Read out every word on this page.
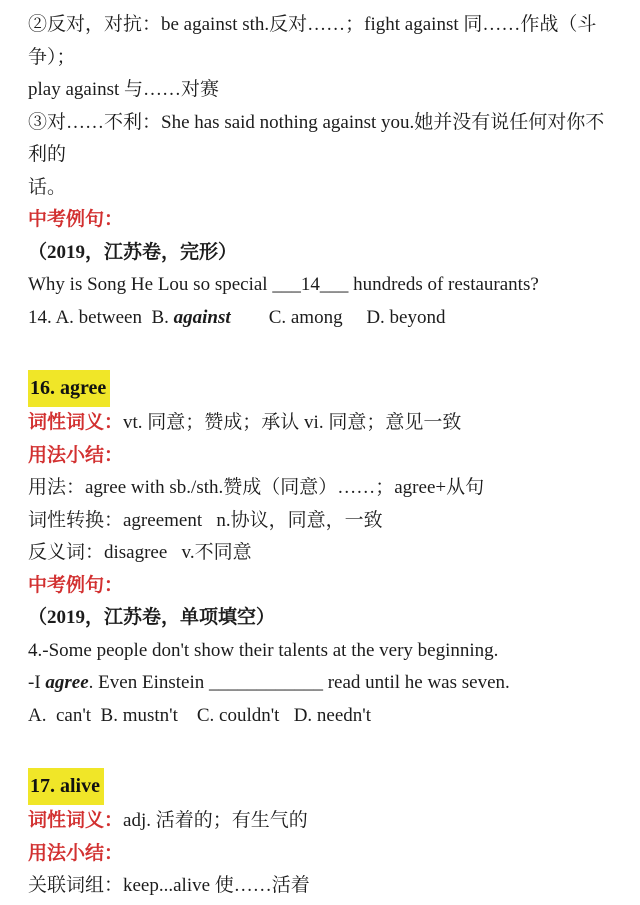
②反对，对抗：be against sth.反对……；fight against 同……作战（斗争）；
play against 与……对赛
③对……不利：She has said nothing against you.她并没有说任何对你不利的
话。
中考例句：
（2019，江苏卷，完形）
Why is Song He Lou so special ___14___ hundreds of restaurants?
14. A. between  B. against        C. among     D. beyond
16. agree
词性词义：vt. 同意；赞成；承认 vi. 同意；意见一致
用法小结：
用法：agree with sb./sth.赞成（同意）……；agree+从句
词性转换：agreement   n.协议，同意，一致
反义词：disagree   v.不同意
中考例句：
（2019，江苏卷，单项填空）
4.-Some people don't show their talents at the very beginning.
-I agree. Even Einstein ____________ read until he was seven.
A.  can't  B. mustn't    C. couldn't   D. needn't
17. alive
词性词义：adj. 活着的；有生气的
用法小结：
关联词组：keep...alive 使……活着
